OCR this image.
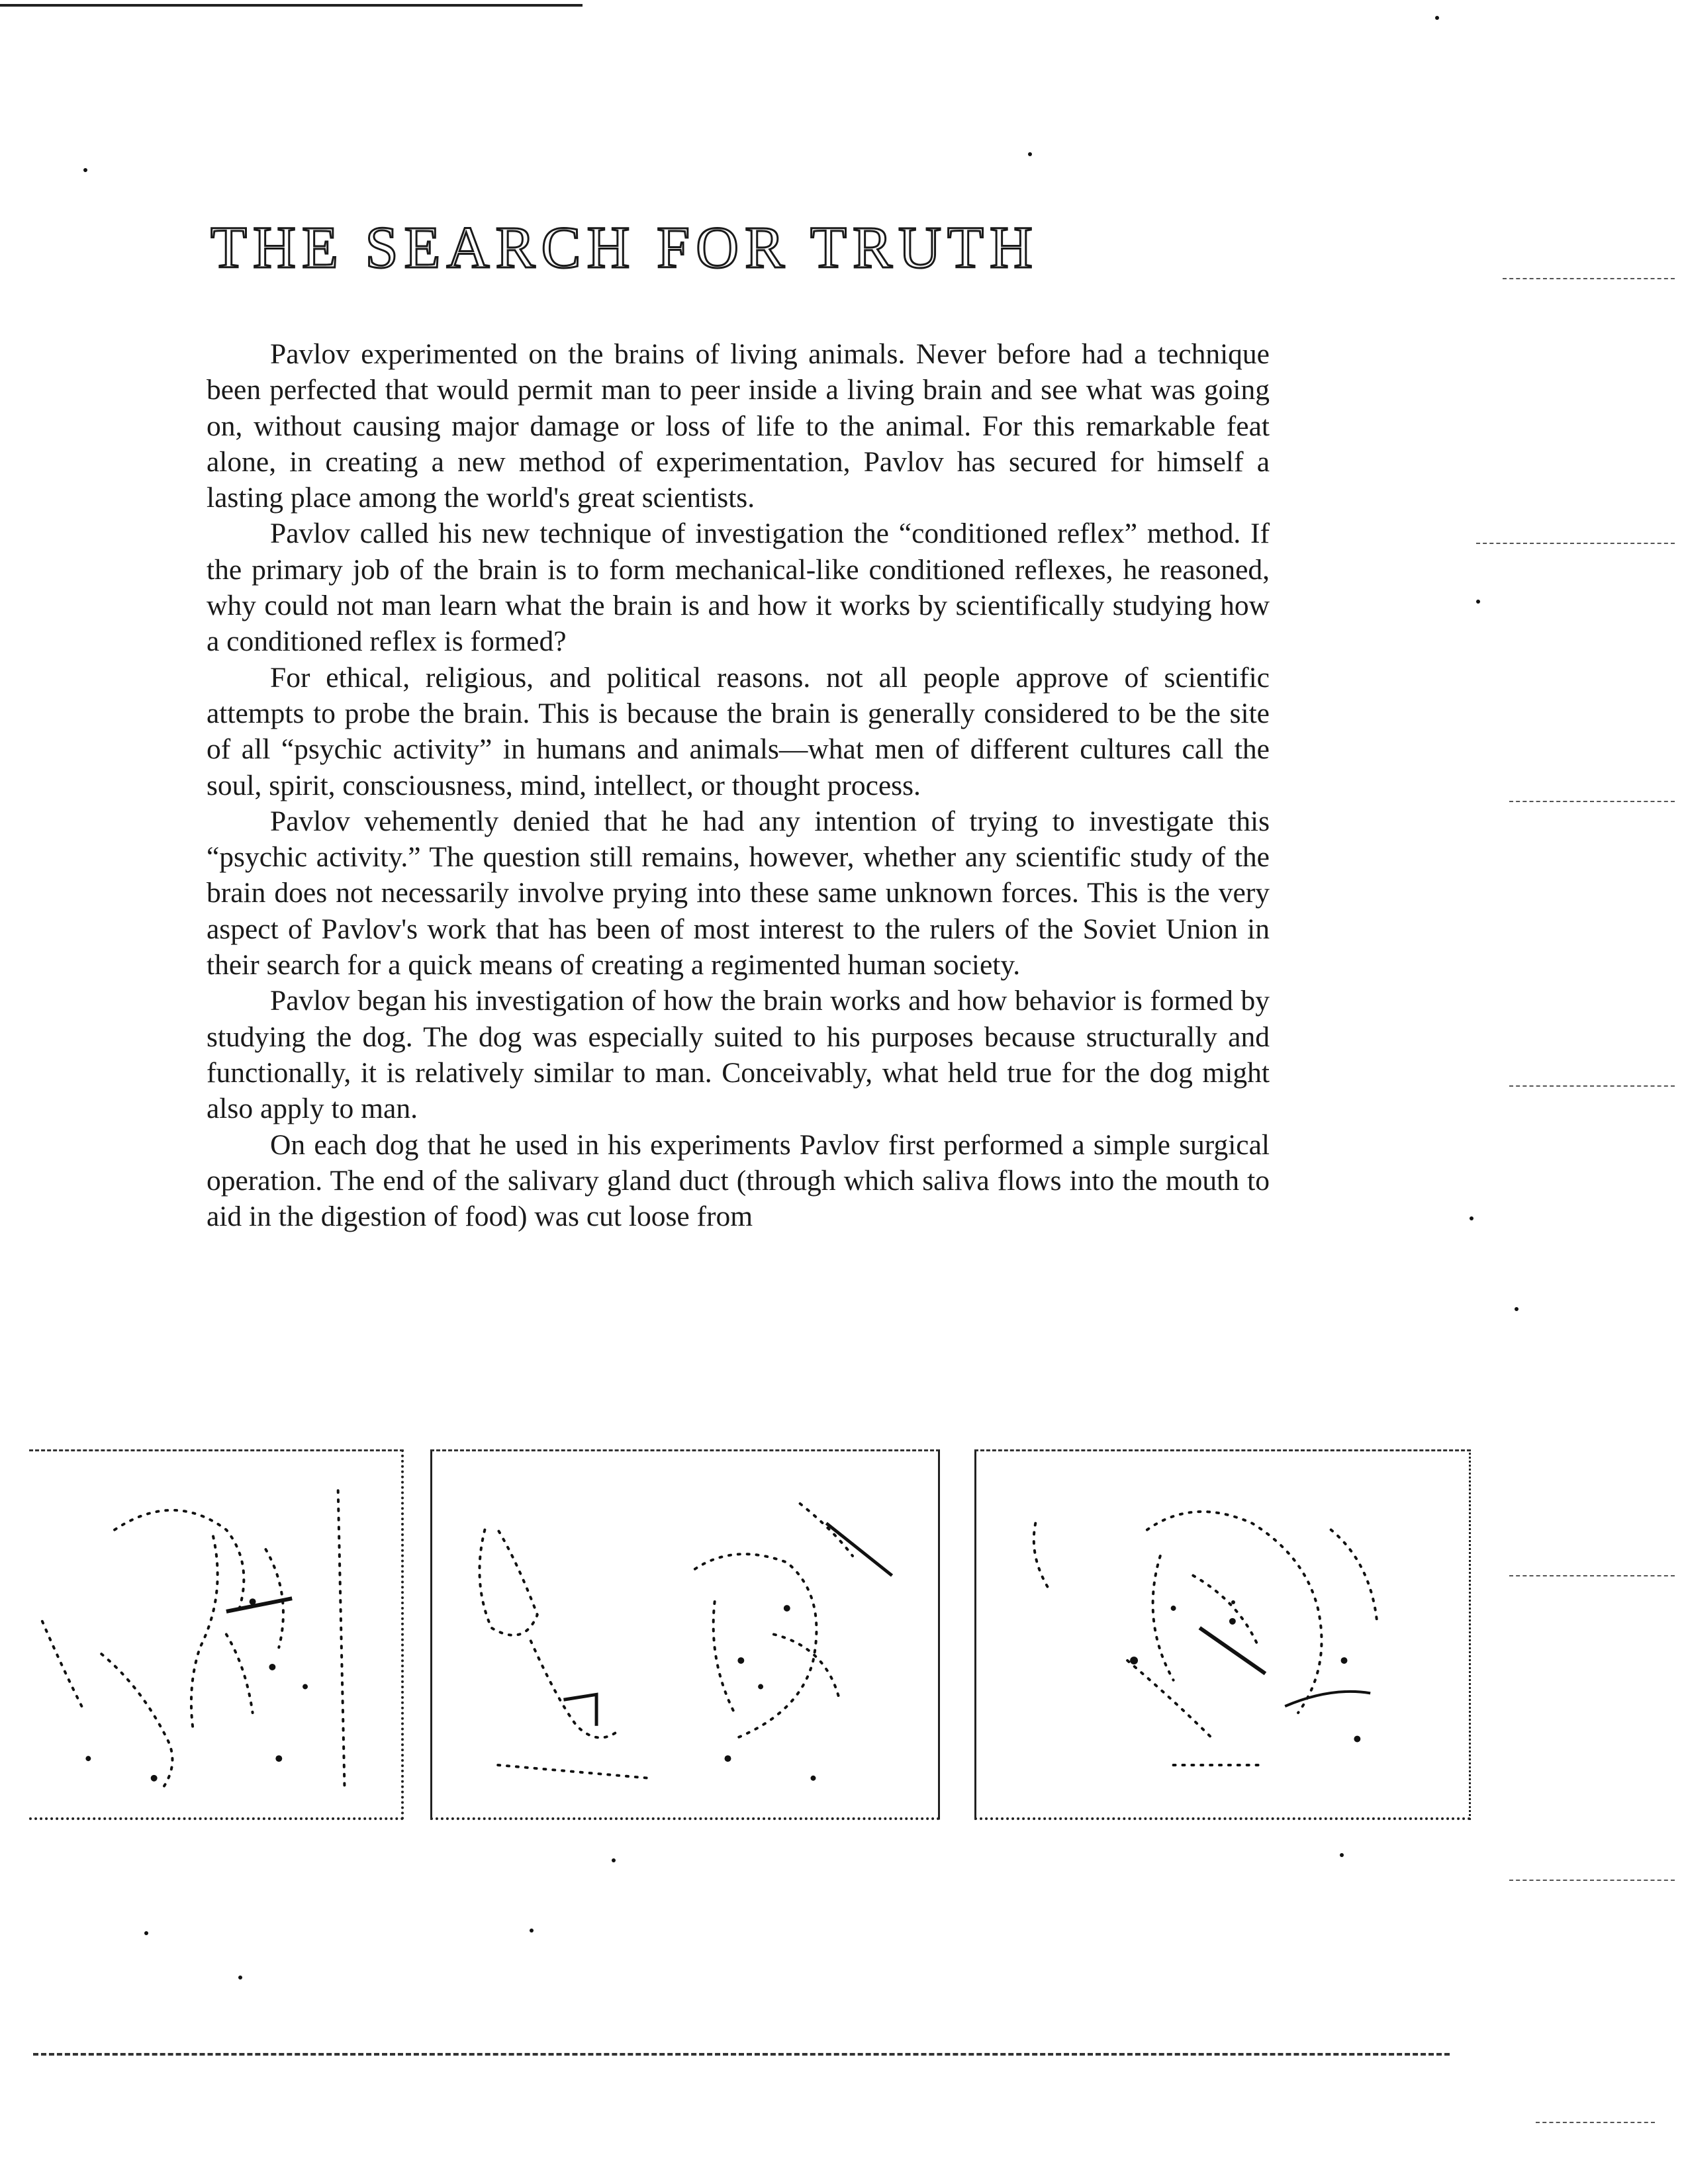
THE SEARCH FOR TRUTH

Pavlov experimented on the brains of living animals. Never before had a technique been perfected that would permit man to peer inside a living brain and see what was going on, without causing major damage or loss of life to the animal. For this remarkable feat alone, in creating a new method of experimentation, Pavlov has secured for himself a lasting place among the world's great scientists.

Pavlov called his new technique of investigation the “conditioned reflex” method. If the primary job of the brain is to form mechanical-like conditioned reflexes, he reasoned, why could not man learn what the brain is and how it works by scientifically studying how a conditioned reflex is formed?

For ethical, religious, and political reasons. not all people approve of scientific attempts to probe the brain. This is because the brain is generally considered to be the site of all “psychic activity” in humans and animals—what men of different cultures call the soul, spirit, consciousness, mind, intellect, or thought process.

Pavlov vehemently denied that he had any intention of trying to investigate this “psychic activity.” The question still remains, however, whether any scientific study of the brain does not necessarily involve prying into these same unknown forces. This is the very aspect of Pavlov's work that has been of most interest to the rulers of the Soviet Union in their search for a quick means of creating a regimented human society.

Pavlov began his investigation of how the brain works and how behavior is formed by studying the dog. The dog was especially suited to his purposes because structurally and functionally, it is relatively similar to man. Conceivably, what held true for the dog might also apply to man.

On each dog that he used in his experiments Pavlov first performed a simple surgical operation. The end of the salivary gland duct (through which saliva flows into the mouth to aid in the digestion of food) was cut loose from
